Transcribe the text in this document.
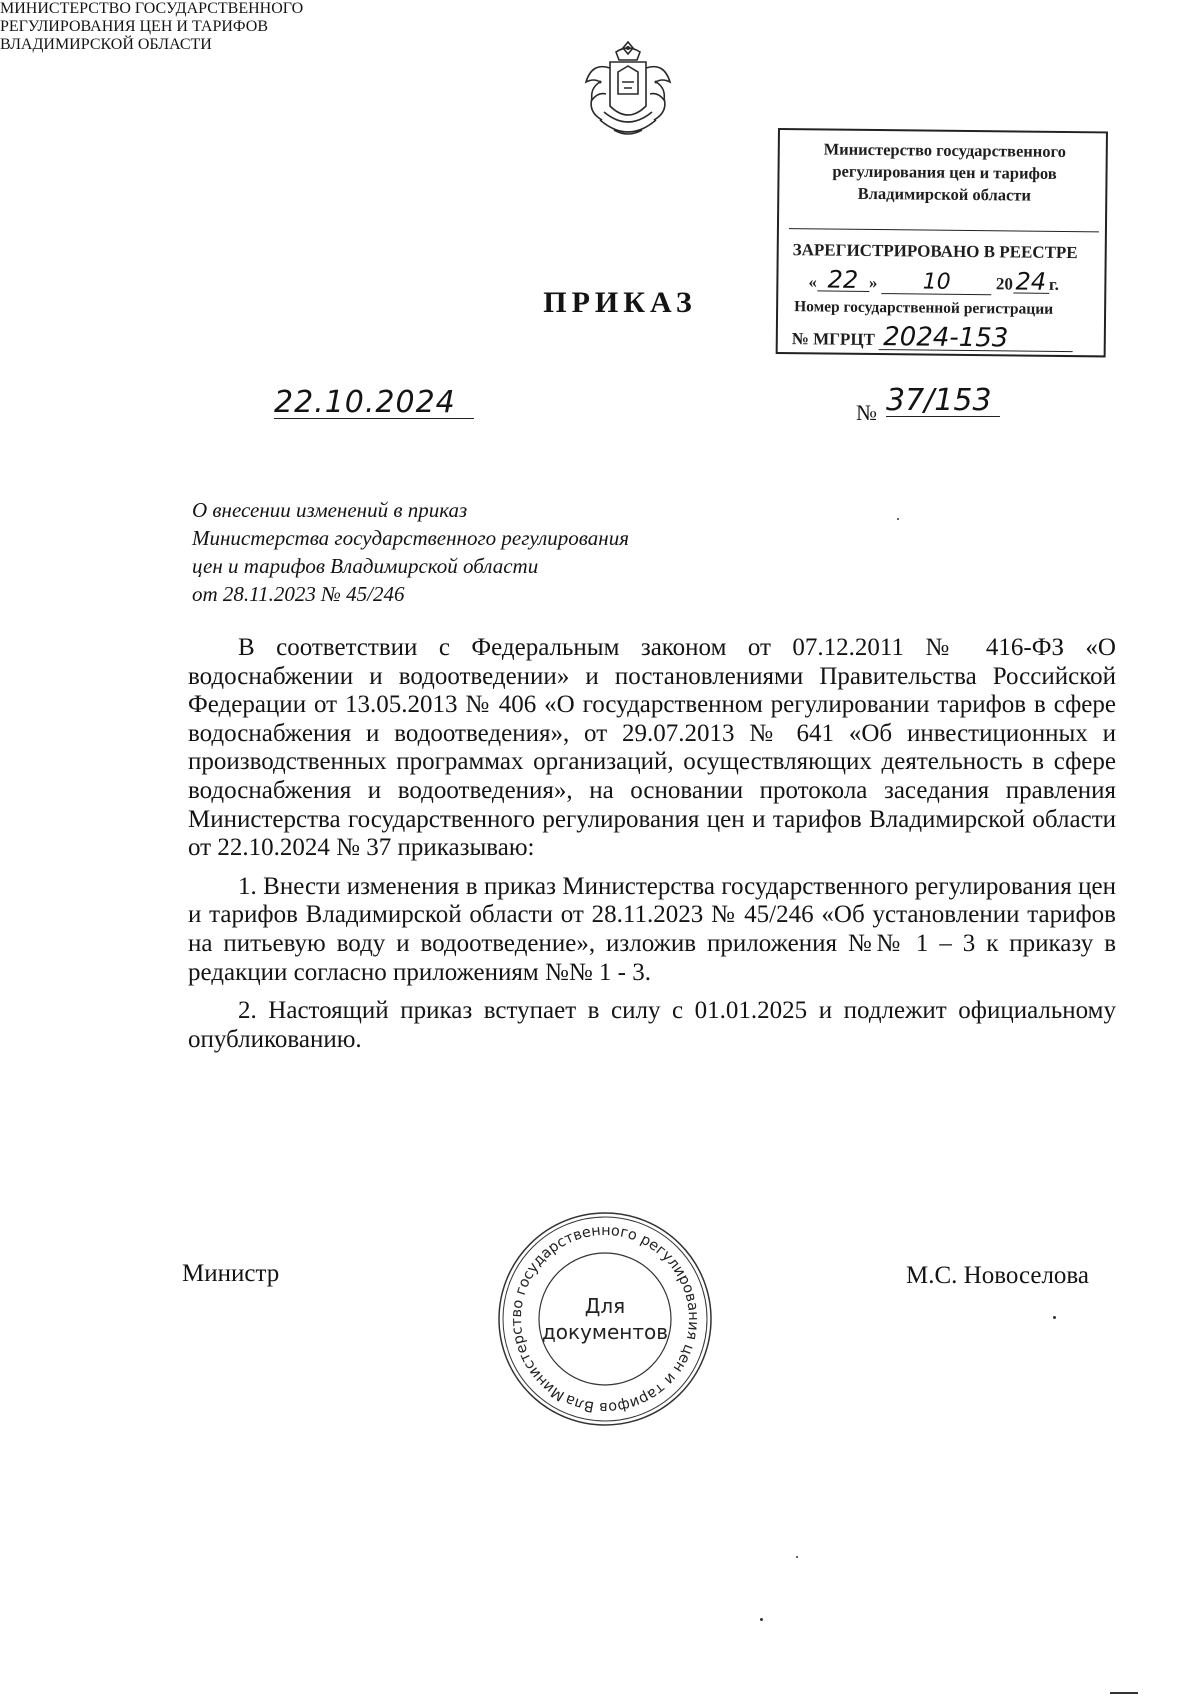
МИНИСТЕРСТВО ГОСУДАРСТВЕННОГО
РЕГУЛИРОВАНИЯ ЦЕН И ТАРИФОВ
ВЛАДИМИРСКОЙ ОБЛАСТИ
ПРИКАЗ
Министерство государственного
регулирования цен и тарифов
Владимирской области
ЗАРЕГИСТРИРОВАНО В РЕЕСТРЕ
« 22 » 10	20 24 г.
Номер государственной регистрации
№ МГРЦТ 2024-153
22.10.2024	№ 37/153
О внесении изменений в приказ
Министерства государственного регулирования
цен и тарифов Владимирской области
от 28.11.2023 № 45/246

В соответствии с Федеральным законом от 07.12.2011 № 416-ФЗ «О водоснабжении и водоотведении» и постановлениями Правительства Российской Федерации от 13.05.2013 № 406 «О государственном регулировании тарифов в сфере водоснабжения и водоотведения», от 29.07.2013 № 641 «Об инвестиционных и производственных программах организаций, осуществляющих деятельность в сфере водоснабжения и водоотведения», на основании протокола заседания правления Министерства государственного регулирования цен и тарифов Владимирской области от 22.10.2024 № 37 приказываю:

1. Внести изменения в приказ Министерства государственного регулирования цен и тарифов Владимирской области от 28.11.2023 № 45/246 «Об установлении тарифов на питьевую воду и водоотведение», изложив приложения №№ 1 – 3 к приказу в редакции согласно приложениям №№ 1 - 3.

2. Настоящий приказ вступает в силу с 01.01.2025 и подлежит официальному опубликованию.

Министр	М.С. Новоселова
Министерство государственного регулирования цен и тарифов Владимирской
Для
документов
